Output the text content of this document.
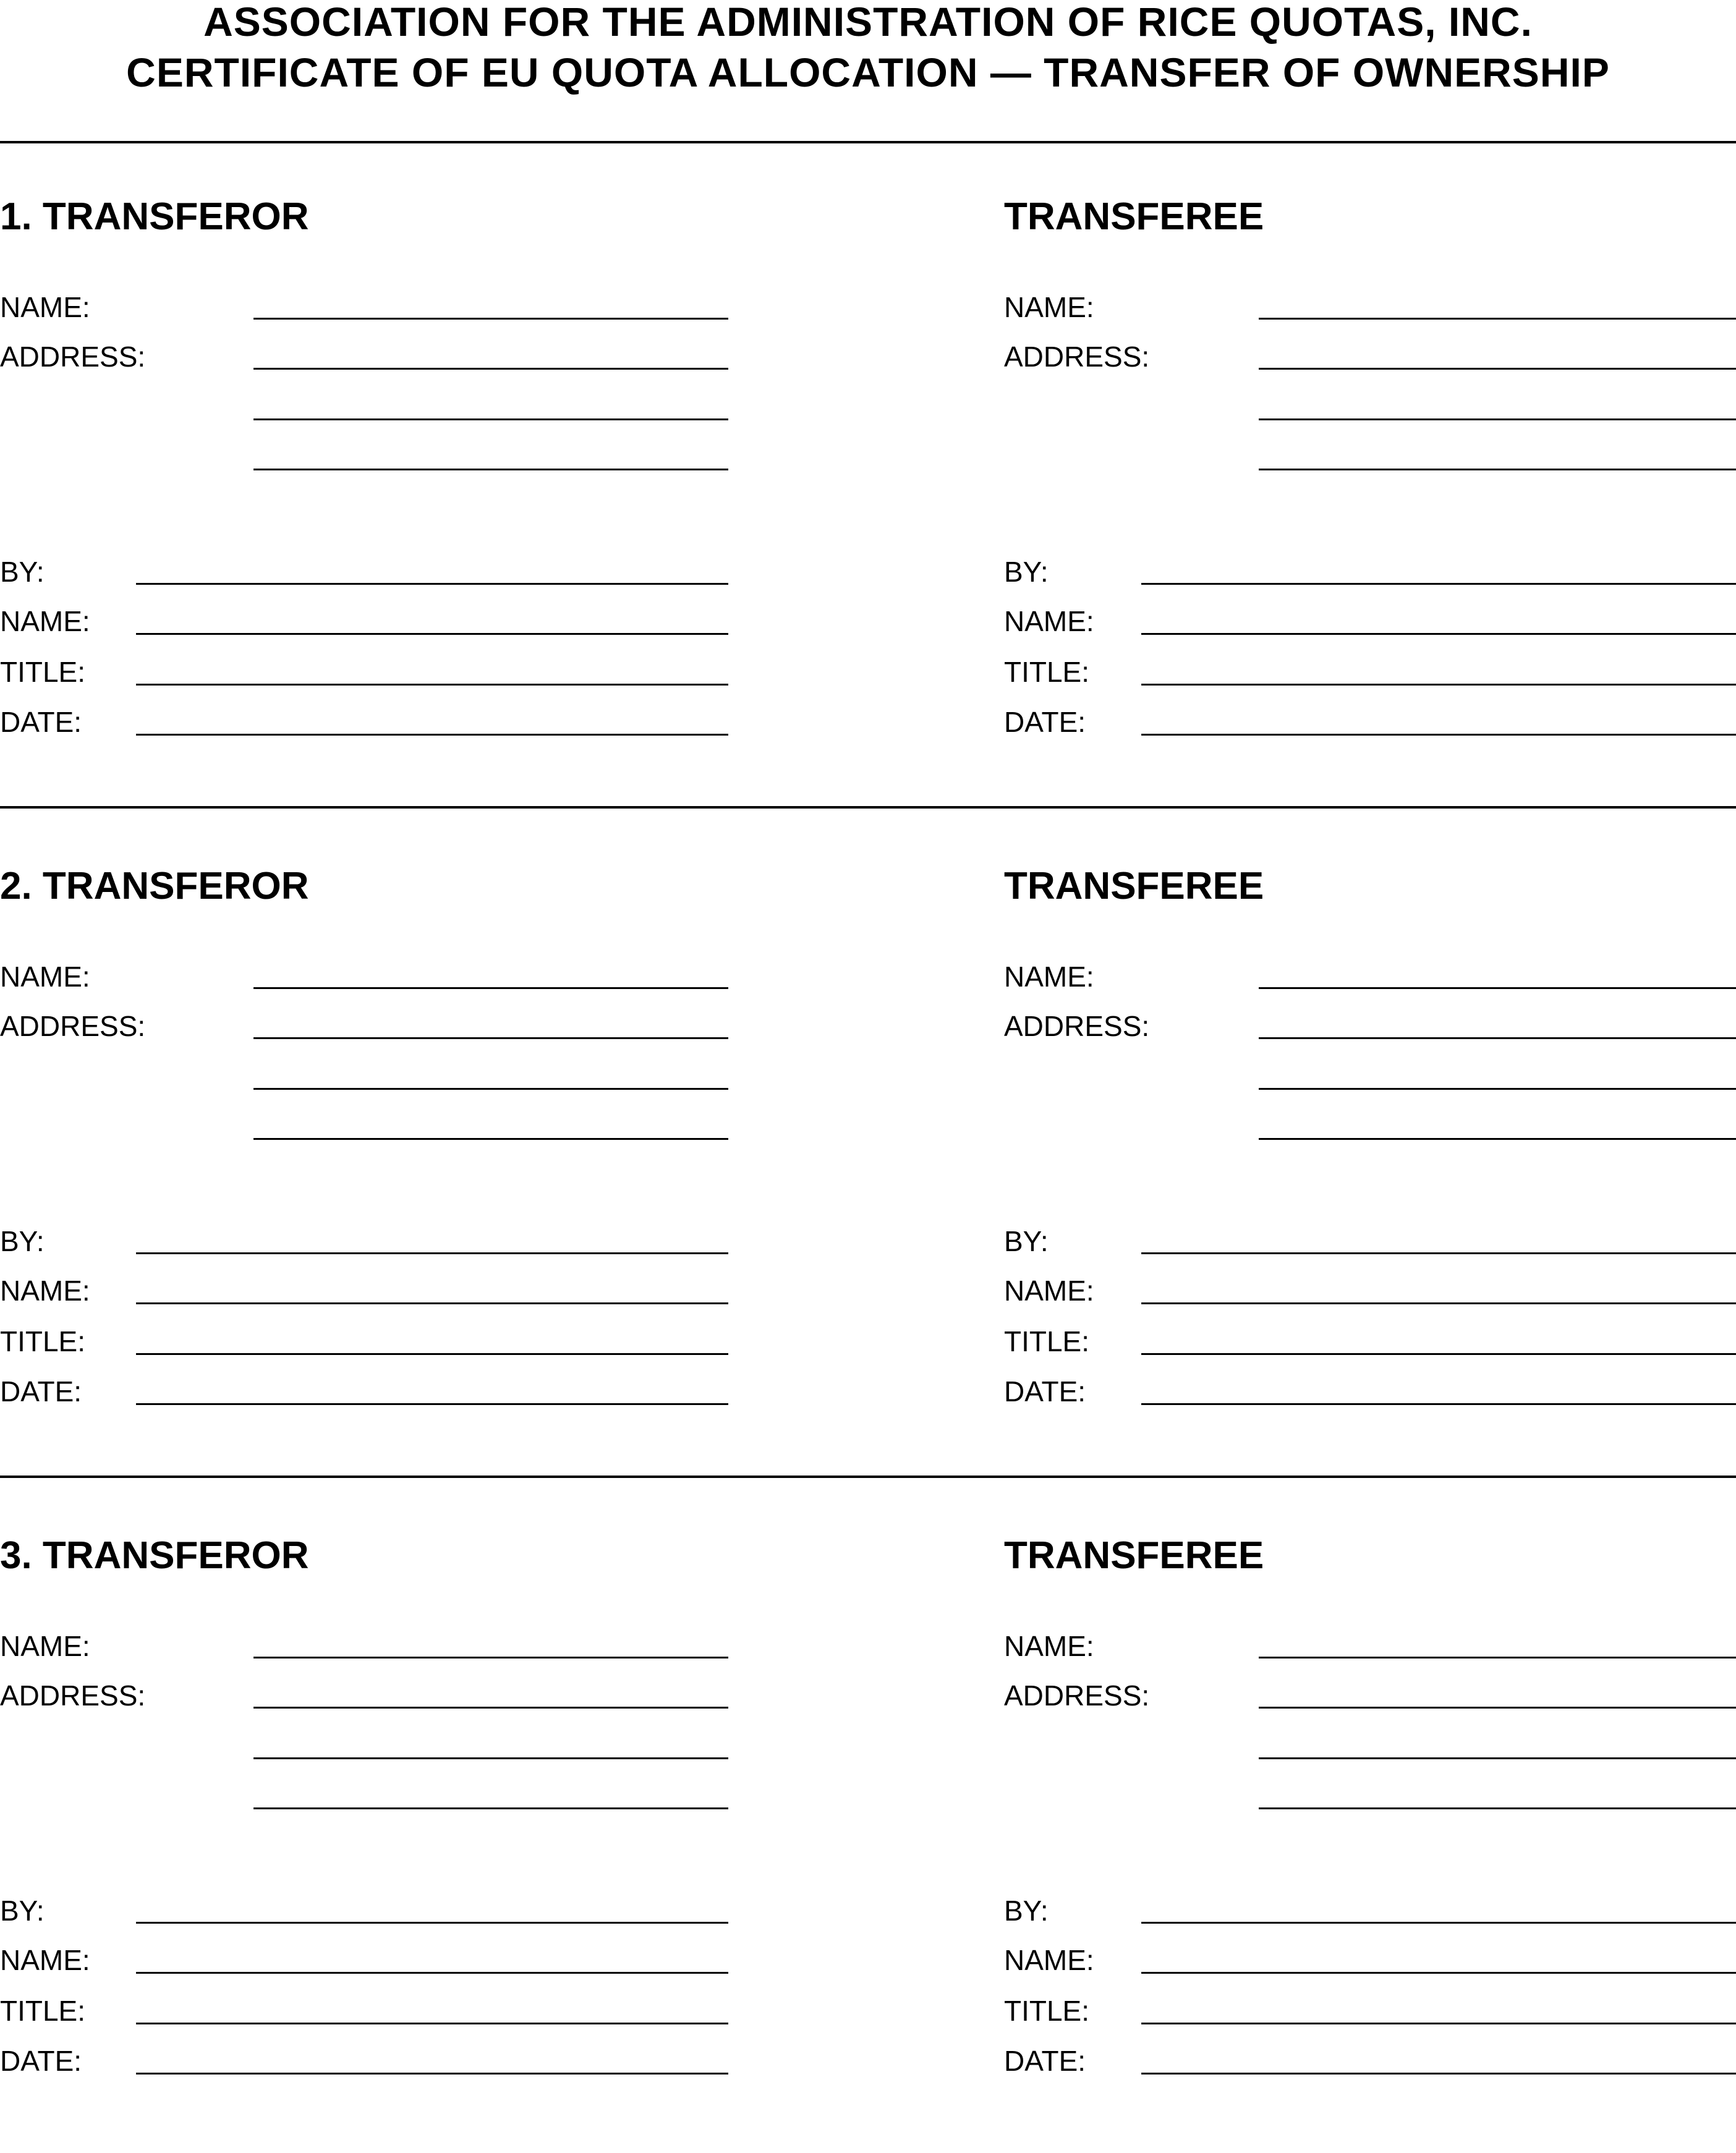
ASSOCIATION FOR THE ADMINISTRATION OF RICE QUOTAS, INC.
CERTIFICATE OF EU QUOTA ALLOCATION — TRANSFER OF OWNERSHIP
1. TRANSFEROR
NAME:
ADDRESS:
BY:
NAME:
TITLE:
DATE:
TRANSFEREE
NAME:
ADDRESS:
BY:
NAME:
TITLE:
DATE:
2. TRANSFEROR
NAME:
ADDRESS:
BY:
NAME:
TITLE:
DATE:
TRANSFEREE
NAME:
ADDRESS:
BY:
NAME:
TITLE:
DATE:
3. TRANSFEROR
NAME:
ADDRESS:
BY:
NAME:
TITLE:
DATE:
TRANSFEREE
NAME:
ADDRESS:
BY:
NAME:
TITLE:
DATE:
